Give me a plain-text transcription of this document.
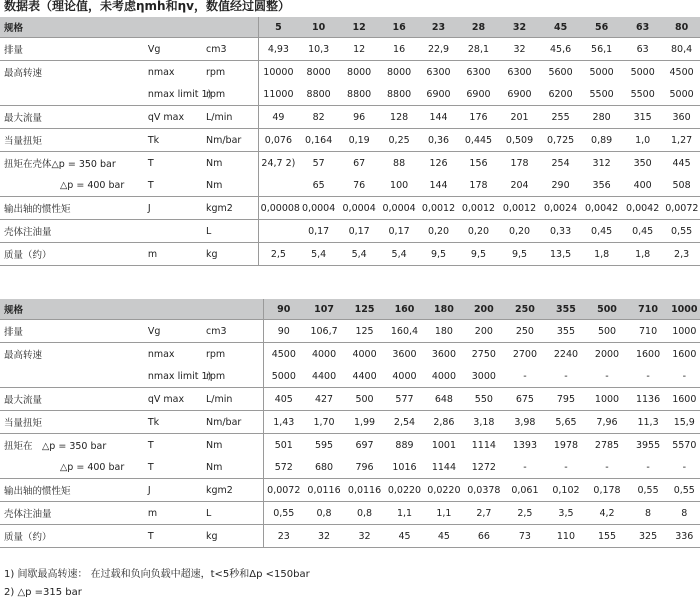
数据表（理论值，未考虑ηmh和ηv，数值经过圆整）
规格			5	10	12	16	23	28	32	45	56	63	80
排量	Vg	cm3	4,93	10,3	12	16	22,9	28,1	32	45,6	56,1	63	80,4
最高转速	nmax	rpm	10000	8000	8000	8000	6300	6300	6300	5600	5000	5000	4500
	nmax limit 1)	rpm	11000	8800	8800	8800	6900	6900	6900	6200	5500	5500	5000
最大流量	qV max	L/min	49	82	96	128	144	176	201	255	280	315	360
当量扭矩	Tk	Nm/bar	0,076	0,164	0,19	0,25	0,36	0,445	0,509	0,725	0,89	1,0	1,27
扭矩在壳体△p = 350 bar	T	Nm	24,7 2)	57	67	88	126	156	178	254	312	350	445
△p = 400 bar	T	Nm		65	76	100	144	178	204	290	356	400	508
输出轴的惯性矩	J	kgm2	0,00008	0,0004	0,0004	0,0004	0,0012	0,0012	0,0012	0,0024	0,0042	0,0042	0,0072
壳体注油量		L		0,17	0,17	0,17	0,20	0,20	0,20	0,33	0,45	0,45	0,55
质量（约）	m	kg	2,5	5,4	5,4	5,4	9,5	9,5	9,5	13,5	1,8	1,8	2,3
规格			90	107	125	160	180	200	250	355	500	710	1000
排量	Vg	cm3	90	106,7	125	160,4	180	200	250	355	500	710	1000
最高转速	nmax	rpm	4500	4000	4000	3600	3600	2750	2700	2240	2000	1600	1600
	nmax limit 1)	rpm	5000	4400	4400	4000	4000	3000	-	-	-	-	-
最大流量	qV max	L/min	405	427	500	577	648	550	675	795	1000	1136	1600
当量扭矩	Tk	Nm/bar	1,43	1,70	1,99	2,54	2,86	3,18	3,98	5,65	7,96	11,3	15,9
扭矩在　△p = 350 bar	T	Nm	501	595	697	889	1001	1114	1393	1978	2785	3955	5570
△p = 400 bar	T	Nm	572	680	796	1016	1144	1272	-	-	-	-	-
输出轴的惯性矩	J	kgm2	0,0072	0,0116	0,0116	0,0220	0,0220	0,0378	0,061	0,102	0,178	0,55	0,55
壳体注油量	m	L	0,55	0,8	0,8	1,1	1,1	2,7	2,5	3,5	4,2	8	8
质量（约）	T	kg	23	32	32	45	45	66	73	110	155	325	336
1) 间歇最高转速： 在过载和负向负载中超速，t<5秒和Δp <150bar
2) △p =315 bar
